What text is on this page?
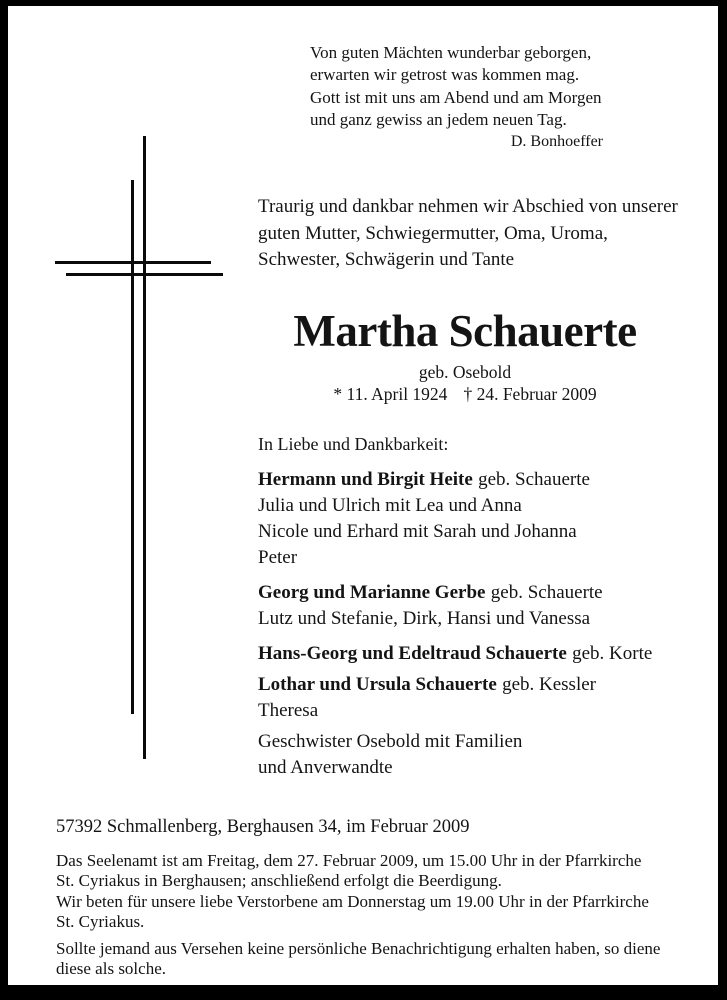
Von guten Mächten wunderbar geborgen,
erwarten wir getrost was kommen mag.
Gott ist mit uns am Abend und am Morgen
und ganz gewiss an jedem neuen Tag.
D. Bonhoeffer
Traurig und dankbar nehmen wir Abschied von unserer
guten Mutter, Schwiegermutter, Oma, Uroma,
Schwester, Schwägerin und Tante
Martha Schauerte
geb. Osebold
* 11. April 1924 † 24. Februar 2009
In Liebe und Dankbarkeit:
Hermann und Birgit Heite geb. Schauerte
Julia und Ulrich mit Lea und Anna
Nicole und Erhard mit Sarah und Johanna
Peter
Georg und Marianne Gerbe geb. Schauerte
Lutz und Stefanie, Dirk, Hansi und Vanessa
Hans-Georg und Edeltraud Schauerte geb. Korte
Lothar und Ursula Schauerte geb. Kessler
Theresa
Geschwister Osebold mit Familien
und Anverwandte
57392 Schmallenberg, Berghausen 34, im Februar 2009
Das Seelenamt ist am Freitag, dem 27. Februar 2009, um 15.00 Uhr in der Pfarrkirche
St. Cyriakus in Berghausen; anschließend erfolgt die Beerdigung.
Wir beten für unsere liebe Verstorbene am Donnerstag um 19.00 Uhr in der Pfarrkirche
St. Cyriakus.
Sollte jemand aus Versehen keine persönliche Benachrichtigung erhalten haben, so diene
diese als solche.
